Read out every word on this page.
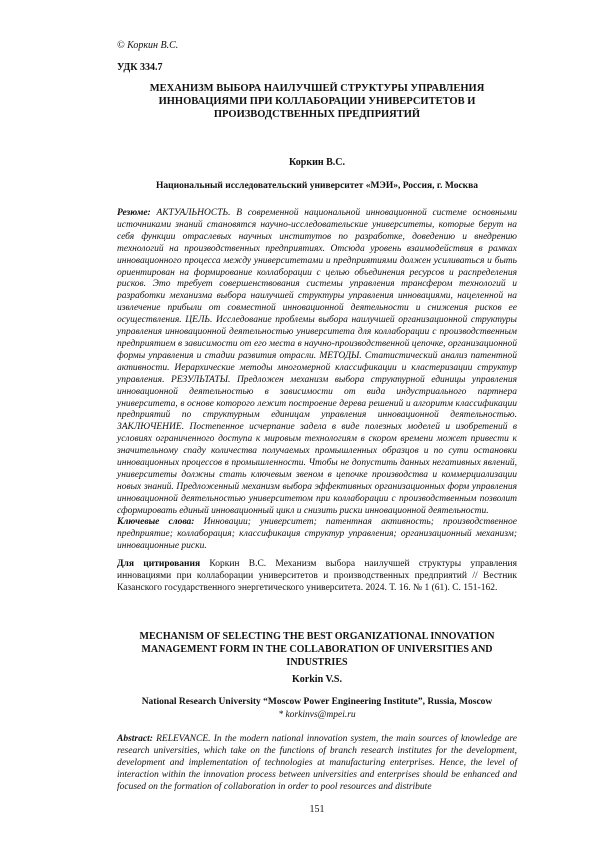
© Коркин В.С.
УДК 334.7
МЕХАНИЗМ ВЫБОРА НАИЛУЧШЕЙ СТРУКТУРЫ УПРАВЛЕНИЯ ИННОВАЦИЯМИ ПРИ КОЛЛАБОРАЦИИ УНИВЕРСИТЕТОВ И ПРОИЗВОДСТВЕННЫХ ПРЕДПРИЯТИЙ
Коркин В.С.
Национальный исследовательский университет «МЭИ», Россия, г. Москва
Резюме: АКТУАЛЬНОСТЬ. В современной национальной инновационной системе основными источниками знаний становятся научно-исследовательские университеты, которые берут на себя функции отраслевых научных институтов по разработке, доведению и внедрению технологий на производственных предприятиях. Отсюда уровень взаимодействия в рамках инновационного процесса между университетами и предприятиями должен усиливаться и быть ориентирован на формирование коллаборации с целью объединения ресурсов и распределения рисков. Это требует совершенствования системы управления трансфером технологий и разработки механизма выбора наилучшей структуры управления инновациями, нацеленной на извлечение прибыли от совместной инновационной деятельности и снижения рисков ее осуществления. ЦЕЛЬ. Исследование проблемы выбора наилучшей организационной структуры управления инновационной деятельностью университета для коллаборации с производственным предприятием в зависимости от его места в научно-производственной цепочке, организационной формы управления и стадии развития отрасли. МЕТОДЫ. Статистический анализ патентной активности. Иерархические методы многомерной классификации и кластеризации структур управления. РЕЗУЛЬТАТЫ. Предложен механизм выбора структурной единицы управления инновационной деятельностью в зависимости от вида индустриального партнера университета, в основе которого лежит построение дерева решений и алгоритм классификации предприятий по структурным единицам управления инновационной деятельностью. ЗАКЛЮЧЕНИЕ. Постепенное исчерпание задела в виде полезных моделей и изобретений в условиях ограниченного доступа к мировым технологиям в скором времени может привести к значительному спаду количества получаемых промышленных образцов и по сути остановки инновационных процессов в промышленности. Чтобы не допустить данных негативных явлений, университеты должны стать ключевым звеном в цепочке производства и коммерциализации новых знаний. Предложенный механизм выбора эффективных организационных форм управления инновационной деятельностью университетом при коллаборации с производственным позволит сформировать единый инновационный цикл и снизить риски инновационной деятельности.
Ключевые слова: Инновации; университет; патентная активность; производственное предприятие; коллаборация; классификация структур управления; организационный механизм; инновационные риски.
Для цитирования Коркин В.С. Механизм выбора наилучшей структуры управления инновациями при коллаборации университетов и производственных предприятий // Вестник Казанского государственного энергетического университета. 2024. Т. 16. № 1 (61). С. 151-162.
MECHANISM OF SELECTING THE BEST ORGANIZATIONAL INNOVATION MANAGEMENT FORM IN THE COLLABORATION OF UNIVERSITIES AND INDUSTRIES
Korkin V.S.
National Research University “Moscow Power Engineering Institute”, Russia, Moscow
* korkinvs@mpei.ru
Abstract: RELEVANCE. In the modern national innovation system, the main sources of knowledge are research universities, which take on the functions of branch research institutes for the development, development and implementation of technologies at manufacturing enterprises. Hence, the level of interaction within the innovation process between universities and enterprises should be enhanced and focused on the formation of collaboration in order to pool resources and distribute
151
